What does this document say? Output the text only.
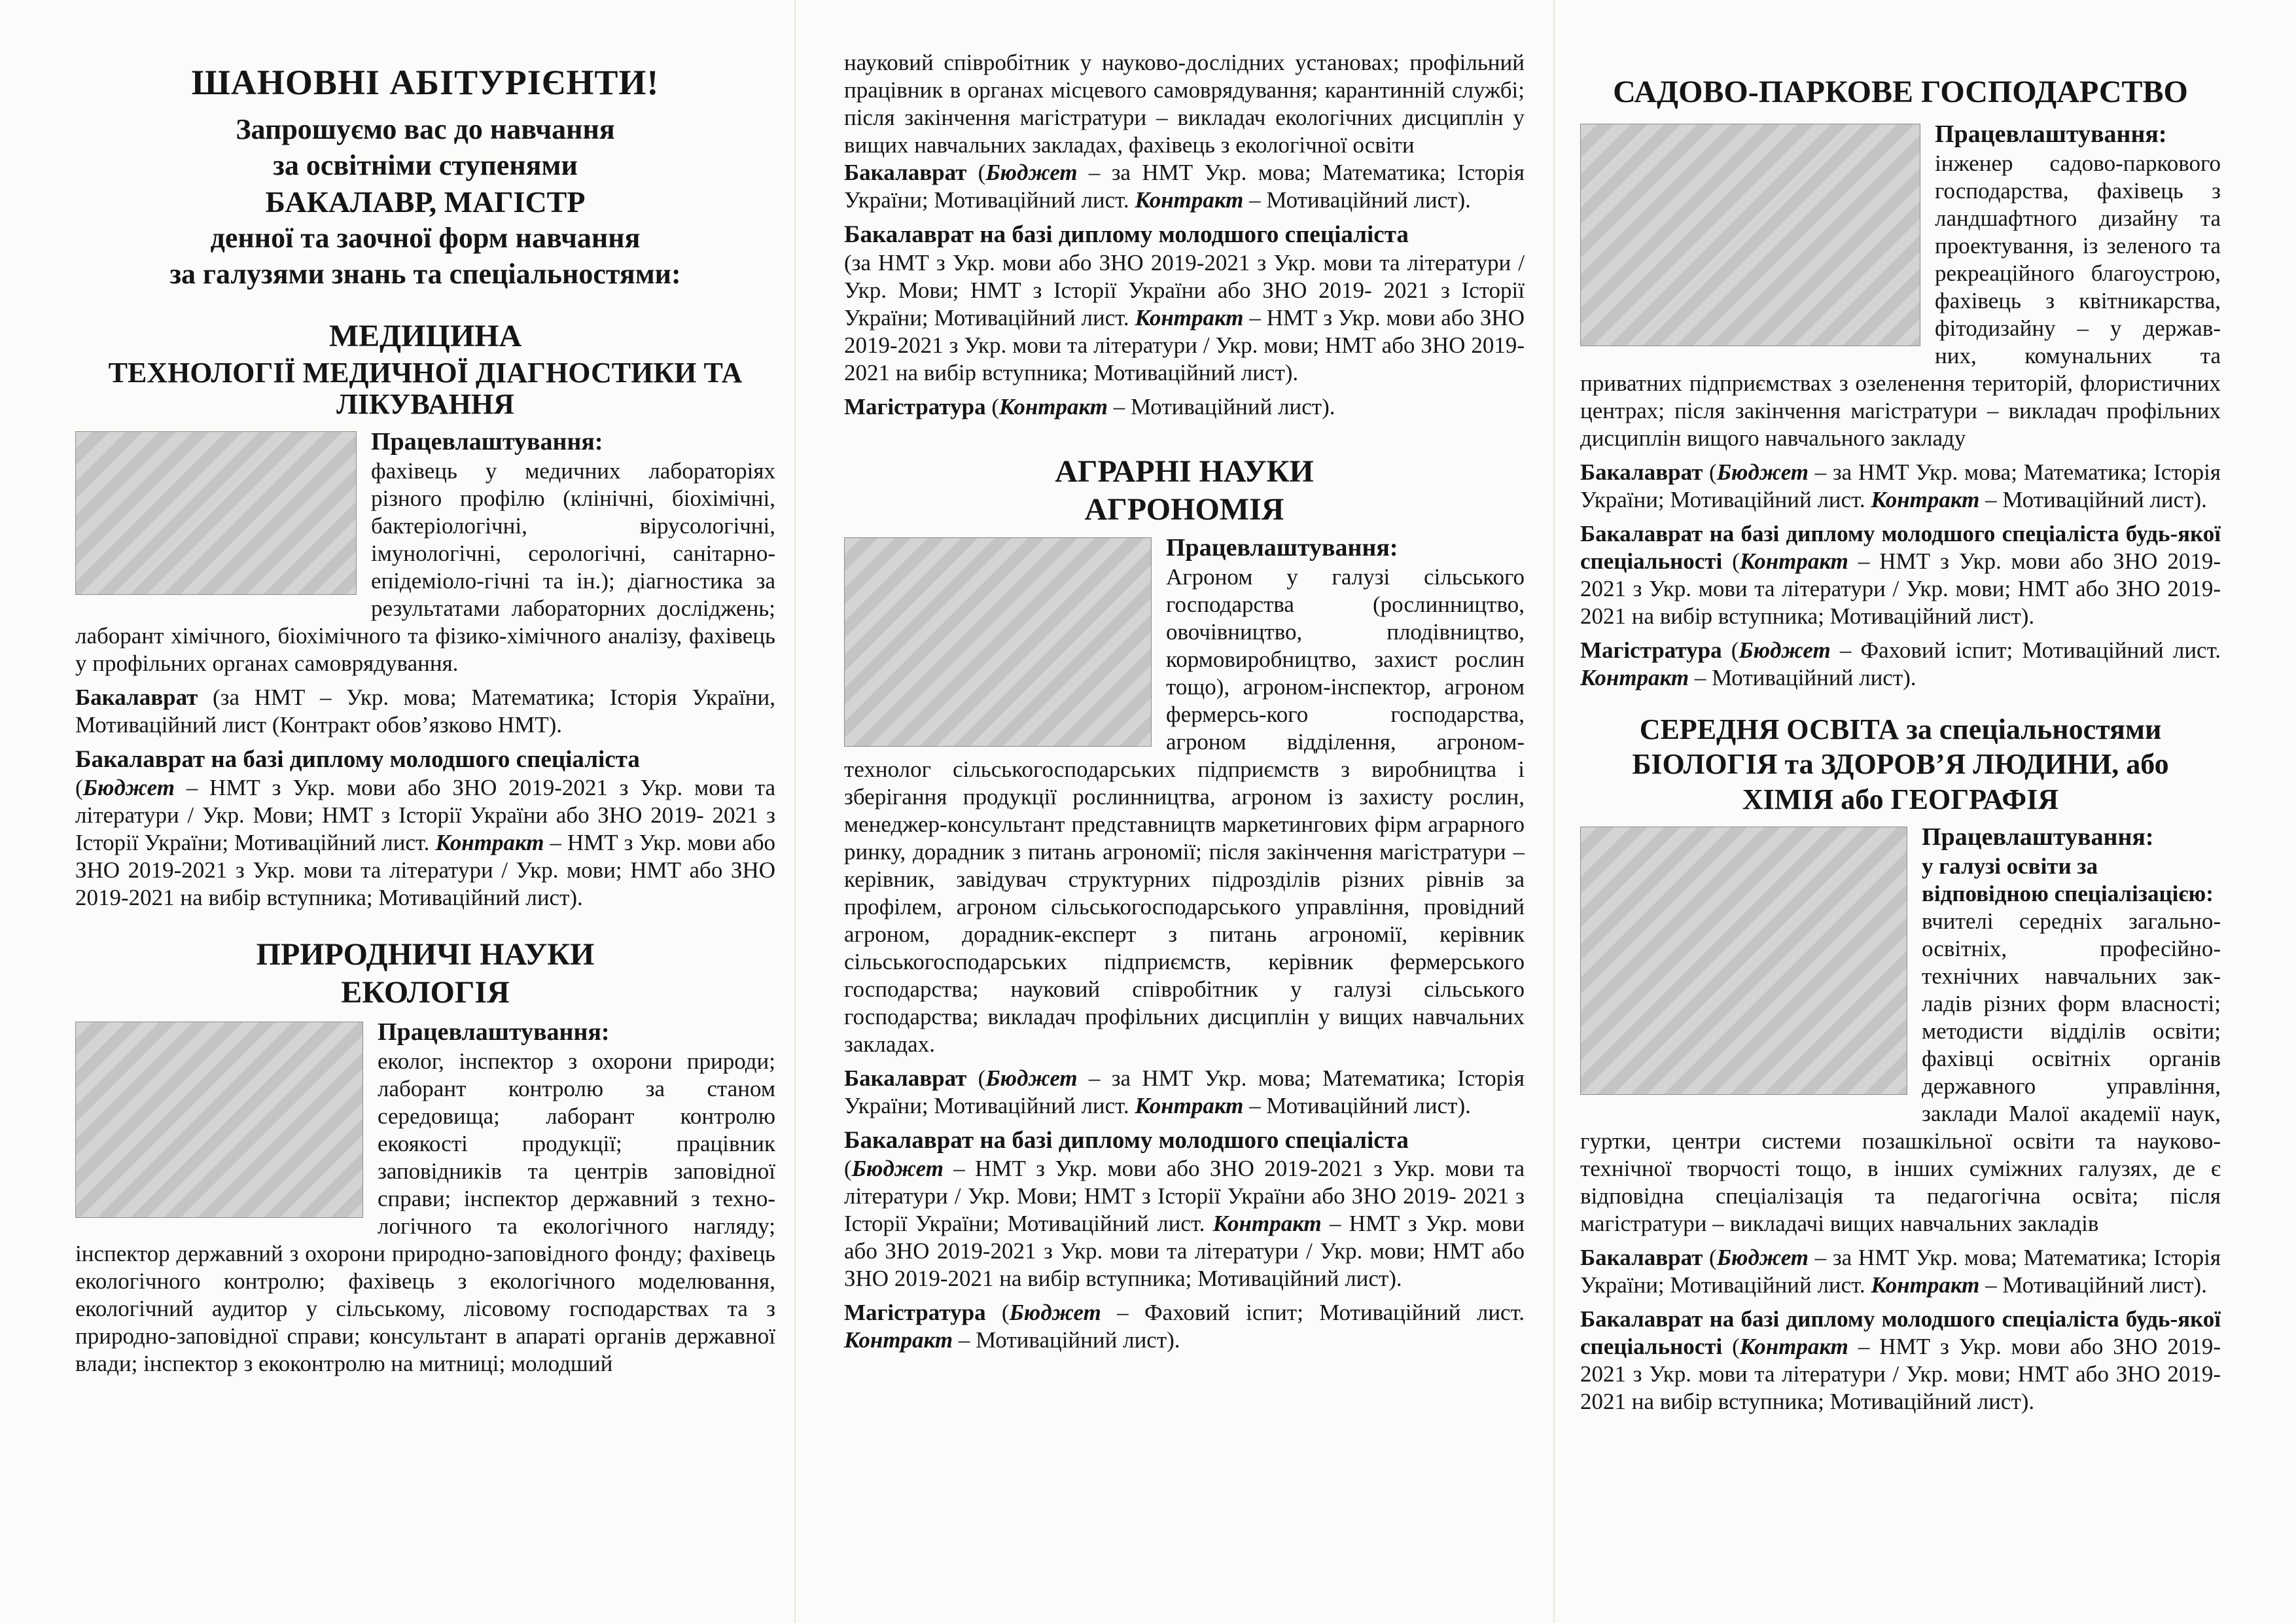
ШАНОВНІ АБІТУРІЄНТИ!
Запрошуємо вас до навчання
за освітніми ступенями
БАКАЛАВР, МАГІСТР
денної та заочної форм навчання
за галузями знань та спеціальностями:
МЕДИЦИНА
ТЕХНОЛОГІЇ МЕДИЧНОЇ ДІАГНОСТИКИ ТА ЛІКУВАННЯ
Працевлаштування:

фахівець у медичних лабораторіях різного профілю (клінічні, біохімічні, бактеріологічні, вірусологічні, імунологічні, серологічні, санітарно-епідеміоло-гічні та ін.); діагностика за результатами лабораторних досліджень; лаборант хімічного, біохімічного та фізико-хімічного аналізу, фахівець у профільних органах самоврядування.

Бакалаврат (за НМТ – Укр. мова; Математика; Історія України, Мотиваційний лист (Контракт обов’язково НМТ).

Бакалаврат на базі диплому молодшого спеціаліста

(Бюджет – НМТ з Укр. мови або ЗНО 2019-2021 з Укр. мови та літератури / Укр. Мови; НМТ з Історії України або ЗНО 2019- 2021 з Історії України; Мотиваційний лист. Контракт – НМТ з Укр. мови або ЗНО 2019-2021 з Укр. мови та літератури / Укр. мови; НМТ або ЗНО 2019-2021 на вибір вступника; Мотиваційний лист).

ПРИРОДНИЧІ НАУКИ
ЕКОЛОГІЯ
Працевлаштування:

еколог, інспектор з охорони природи; лаборант контролю за станом середовища; лаборант контролю екоякості продукції; працівник заповідників та центрів заповідної справи; інспектор державний з техно-логічного та екологічного нагляду; інспектор державний з охорони природно-заповідного фонду; фахівець екологічного контролю; фахівець з екологічного моделювання, екологічний аудитор у сільському, лісовому господарствах та з природно-заповідної справи; консультант в апараті органів державної влади; інспектор з екоконтролю на митниці; молодший

науковий співробітник у науково-дослідних установах; профільний працівник в органах місцевого самоврядування; карантинній службі; після закінчення магістратури – викладач екологічних дисциплін у вищих навчальних закладах, фахівець з екологічної освіти

Бакалаврат (Бюджет – за НМТ Укр. мова; Математика; Історія України; Мотиваційний лист. Контракт – Мотиваційний лист).

Бакалаврат на базі диплому молодшого спеціаліста

(за НМТ з Укр. мови або ЗНО 2019-2021 з Укр. мови та літератури / Укр. Мови; НМТ з Історії України або ЗНО 2019- 2021 з Історії України; Мотиваційний лист. Контракт – НМТ з Укр. мови або ЗНО 2019-2021 з Укр. мови та літератури / Укр. мови; НМТ або ЗНО 2019-2021 на вибір вступника; Мотиваційний лист).

Магістратура (Контракт – Мотиваційний лист).

АГРАРНІ НАУКИ
АГРОНОМІЯ
Працевлаштування:

Агроном у галузі сільського господарства (рослинництво, овочівництво, плодівництво, кормовиробництво, захист рослин тощо), агроном-інспектор, агроном фермерсь-кого господарства, агроном відділення, агроном-технолог сільськогосподарських підприємств з виробництва і зберігання продукції рослинництва, агроном із захисту рослин, менеджер-консультант представництв маркетингових фірм аграрного ринку, дорадник з питань агрономії; після закінчення магістратури – керівник, завідувач структурних підрозділів різних рівнів за профілем, агроном сільськогосподарського управління, провідний агроном, дорадник-експерт з питань агрономії, керівник сільськогосподарських підприємств, керівник фермерського господарства; науковий співробітник у галузі сільського господарства; викладач профільних дисциплін у вищих навчальних закладах.

Бакалаврат (Бюджет – за НМТ Укр. мова; Математика; Історія України; Мотиваційний лист. Контракт – Мотиваційний лист).

Бакалаврат на базі диплому молодшого спеціаліста

(Бюджет – НМТ з Укр. мови або ЗНО 2019-2021 з Укр. мови та літератури / Укр. Мови; НМТ з Історії України або ЗНО 2019- 2021 з Історії України; Мотиваційний лист. Контракт – НМТ з Укр. мови або ЗНО 2019-2021 з Укр. мови та літератури / Укр. мови; НМТ або ЗНО 2019-2021 на вибір вступника; Мотиваційний лист).

Магістратура (Бюджет – Фаховий іспит; Мотиваційний лист. Контракт – Мотиваційний лист).

САДОВО-ПАРКОВЕ ГОСПОДАРСТВО
Працевлаштування:

інженер садово-паркового господарства, фахівець з ландшафтного дизайну та проектування, із зеленого та рекреаційного благоустрою, фахівець з квітникарства, фітодизайну – у держав- них, комунальних та приватних підприємствах з озеленення територій, флористичних центрах; після закінчення магістратури – викладач профільних дисциплін вищого навчального закладу

Бакалаврат (Бюджет – за НМТ Укр. мова; Математика; Історія України; Мотиваційний лист. Контракт – Мотиваційний лист).

Бакалаврат на базі диплому молодшого спеціаліста будь-якої спеціальності (Контракт – НМТ з Укр. мови або ЗНО 2019-2021 з Укр. мови та літератури / Укр. мови; НМТ або ЗНО 2019-2021 на вибір вступника; Мотиваційний лист).

Магістратура (Бюджет – Фаховий іспит; Мотиваційний лист. Контракт – Мотиваційний лист).

СЕРЕДНЯ ОСВІТА за спеціальностями
БІОЛОГІЯ та ЗДОРОВ’Я ЛЮДИНИ, або
ХІМІЯ або ГЕОГРАФІЯ
Працевлаштування:

у галузі освіти за відповідною спеціалізацією:

вчителі середніх загально-освітніх, професійно-технічних навчальних зак-ладів різних форм власності; методисти відділів освіти; фахівці освітніх органів державного управління, заклади Малої академії наук, гуртки, центри системи позашкільної освіти та науково-технічної творчості тощо, в інших суміжних галузях, де є відповідна спеціалізація та педагогічна освіта; після магістратури – викладачі вищих навчальних закладів

Бакалаврат (Бюджет – за НМТ Укр. мова; Математика; Історія України; Мотиваційний лист. Контракт – Мотиваційний лист).

Бакалаврат на базі диплому молодшого спеціаліста будь-якої спеціальності (Контракт – НМТ з Укр. мови або ЗНО 2019-2021 з Укр. мови та літератури / Укр. мови; НМТ або ЗНО 2019-2021 на вибір вступника; Мотиваційний лист).
